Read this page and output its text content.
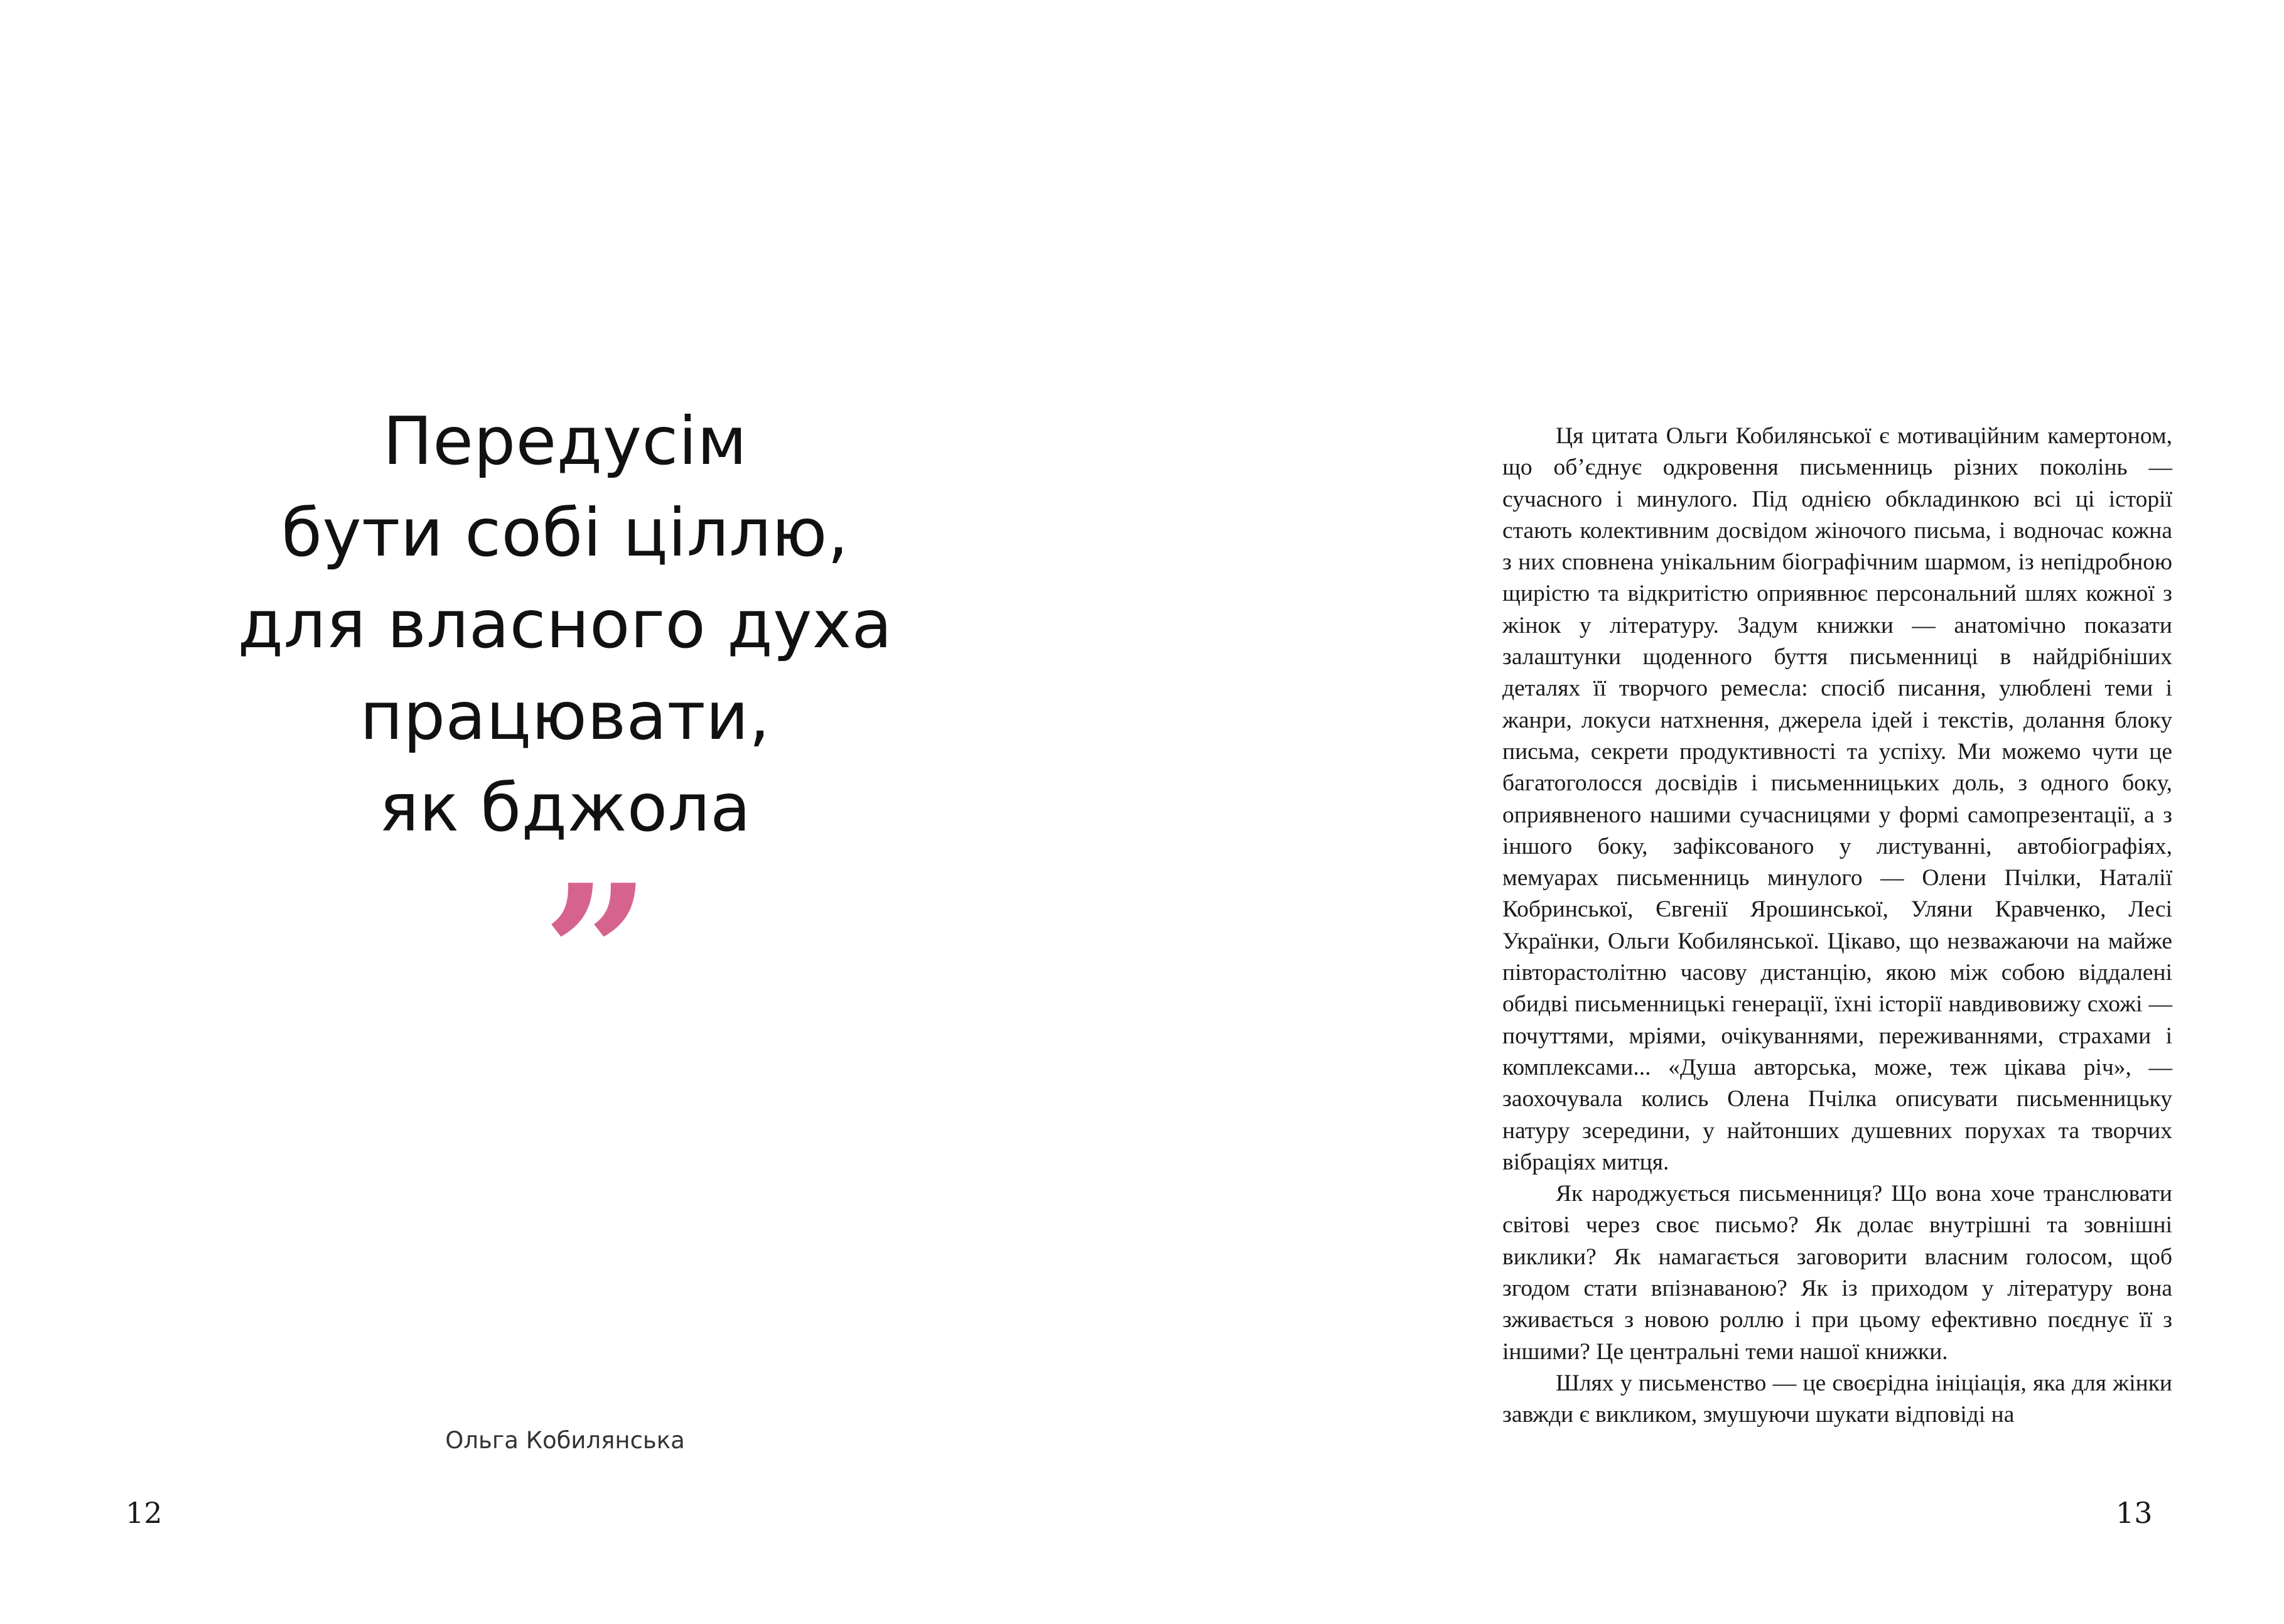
Передусім
бути собі ціллю,
для власного духа
працювати,
як бджола
”
Ольга Кобилянська
12

Ця цитата Ольги Кобилянської є мотиваційним камертоном, що об’єднує одкровення письменниць різних поколінь — сучасного і минулого. Під однією обкладинкою всі ці історії стають колективним досвідом жіночого письма, і водночас кожна з них сповнена унікальним біографічним шармом, із непідробною щирістю та відкритістю оприявнює персональний шлях кожної з жінок у літературу. Задум книжки — анатомічно показати залаштунки щоденного буття письменниці в найдрібніших деталях її творчого ремесла: спосіб писання, улюблені теми і жанри, локуси натхнення, джерела ідей і текстів, долання блоку письма, секрети продуктивності та успіху. Ми можемо чути це багатоголосся досвідів і письменницьких доль, з одного боку, оприявненого нашими сучасницями у формі самопрезентації, а з іншого боку, зафіксованого у листуванні, автобіографіях, мемуарах письменниць минулого — Олени Пчілки, Наталії Кобринської, Євгенії Ярошинської, Уляни Кравченко, Лесі Українки, Ольги Кобилянської. Цікаво, що незважаючи на майже півторастолітню часову дистанцію, якою між собою віддалені обидві письменницькі генерації, їхні історії навдивовижу схожі — почуттями, мріями, очікуваннями, переживаннями, страхами і комплексами... «Душа авторська, може, теж цікава річ», — заохочувала колись Олена Пчілка описувати письменницьку натуру зсередини, у найтонших душевних порухах та творчих вібраціях митця.

Як народжується письменниця? Що вона хоче транслювати світові через своє письмо? Як долає внутрішні та зовнішні виклики? Як намагається заговорити власним голосом, щоб згодом стати впізнаваною? Як із приходом у літературу вона зживається з новою роллю і при цьому ефективно поєднує її з іншими? Це центральні теми нашої книжки.

Шлях у письменство — це своєрідна ініціація, яка для жінки завжди є викликом, змушуючи шукати відповіді на

13
